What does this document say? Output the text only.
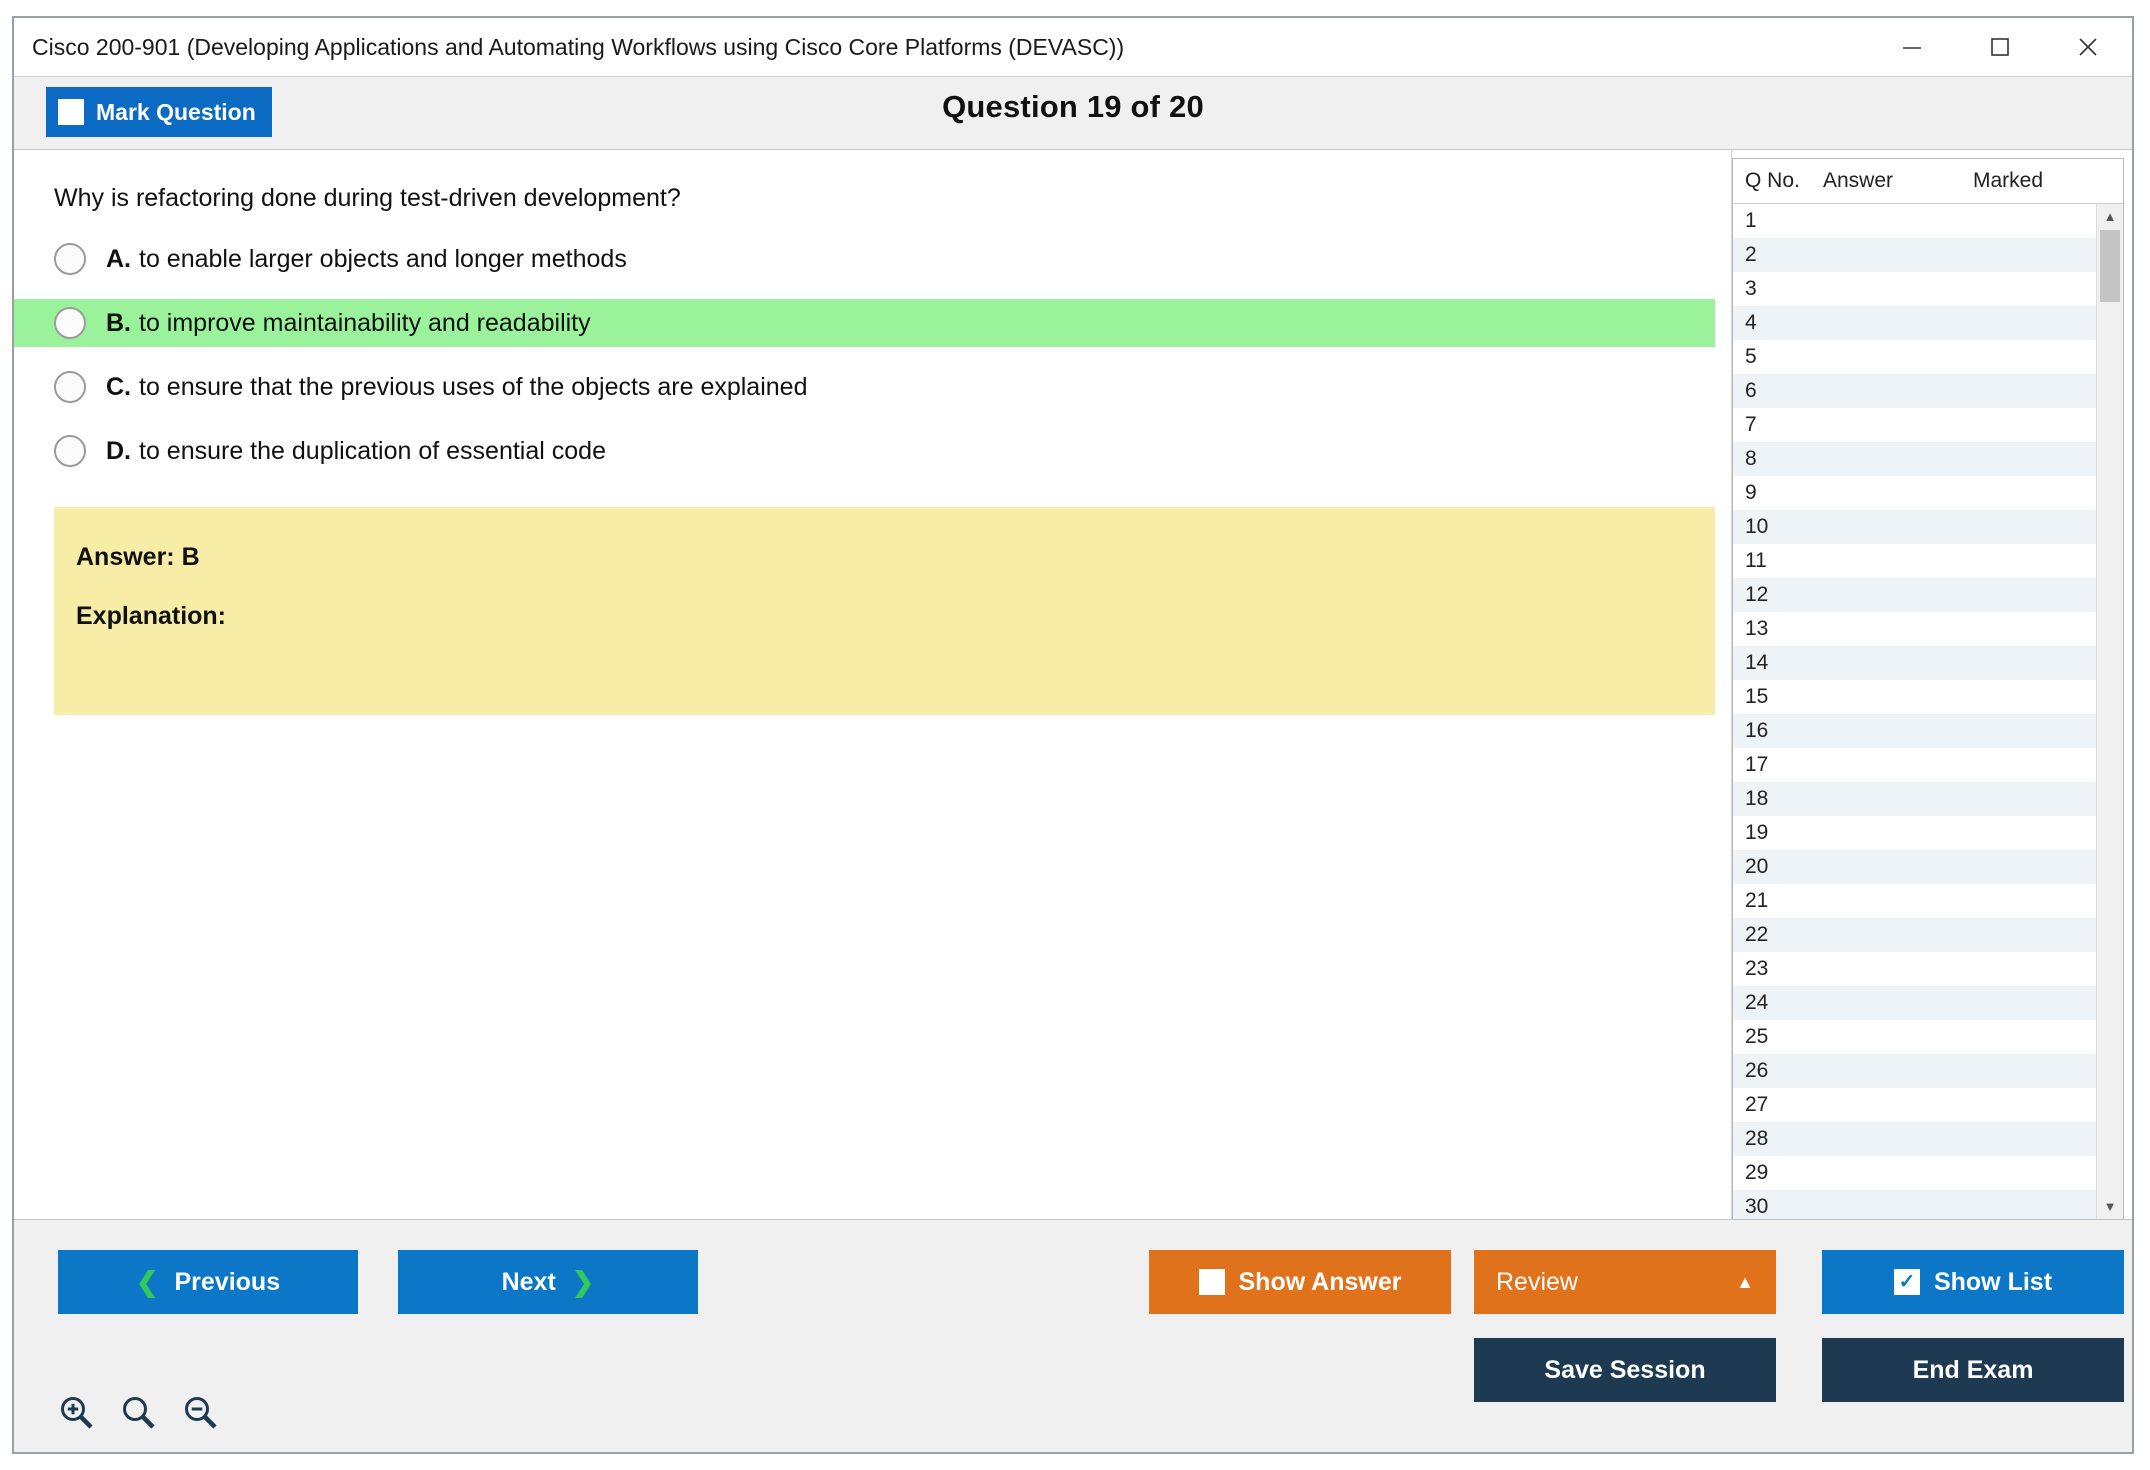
Cisco 200-901 (Developing Applications and Automating Workflows using Cisco Core Platforms (DEVASC))
Mark Question	Question 19 of 20
Why is refactoring done during test-driven development?
A. to enable larger objects and longer methods
B. to improve maintainability and readability
C. to ensure that the previous uses of the objects are explained
D. to ensure the duplication of essential code
Answer: B
Explanation:
Q No.	Answer	Marked
1
2
3
4
5
6
7
8
9
10
11
12
13
14
15
16
17
18
19
20
21
22
23
24
25
26
27
28
29
30
▲
▼
❮ Previous	Next ❯	Show Answer	Review	▲	✓ Show List
Save Session	End Exam
